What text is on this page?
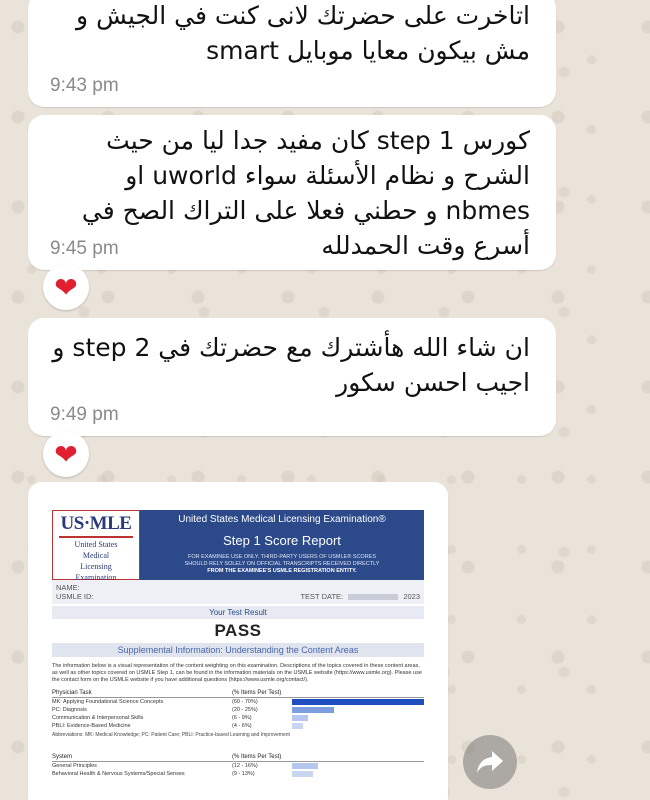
اتاخرت على حضرتك لانى كنت في الجيش و مش بيكون معايا موبايل smart
9:43 pm
كورس step 1 كان مفيد جدا ليا من حيث الشرح و نظام الأسئلة سواء uworld او nbmes و حطني فعلا على التراك الصح في أسرع وقت الحمدلله
9:45 pm
❤
ان شاء الله هأشترك مع حضرتك في step 2 و اجيب احسن سكور
9:49 pm
❤
US·MLE
United States
Medical
Licensing
Examination
United States Medical Licensing Examination®
Step 1 Score Report
FOR EXAMINEE USE ONLY. THIRD-PARTY USERS OF USMLE® SCORES
SHOULD RELY SOLELY ON OFFICIAL TRANSCRIPTS RECEIVED DIRECTLY
FROM THE EXAMINEE'S USMLE REGISTRATION ENTITY.
NAME:
USMLE ID:	TEST DATE:	2023
Your Test Result
PASS
Supplemental Information: Understanding the Content Areas
The information below is a visual representation of the content weighting on this examination. Descriptions of the topics covered in these content areas, as well as other topics covered on USMLE Step 1, can be found in the information materials on the USMLE website (https://www.usmle.org). Please use the contact form on the USMLE website if you have additional questions (https://www.usmle.org/contact/).
Physician Task	(% Items Per Test)
MK: Applying Foundational Science Concepts	(60 - 70%)
PC: Diagnosis	(20 - 25%)
Communication & Interpersonal Skills	(6 - 9%)
PBLI: Evidence-Based Medicine	(4 - 6%)
Abbreviations: MK: Medical Knowledge; PC: Patient Care; PBLI: Practice-based Learning and Improvement
System	(% Items Per Test)
General Principles	(12 - 16%)
Behavioral Health & Nervous Systems/Special Senses	(9 - 13%)
